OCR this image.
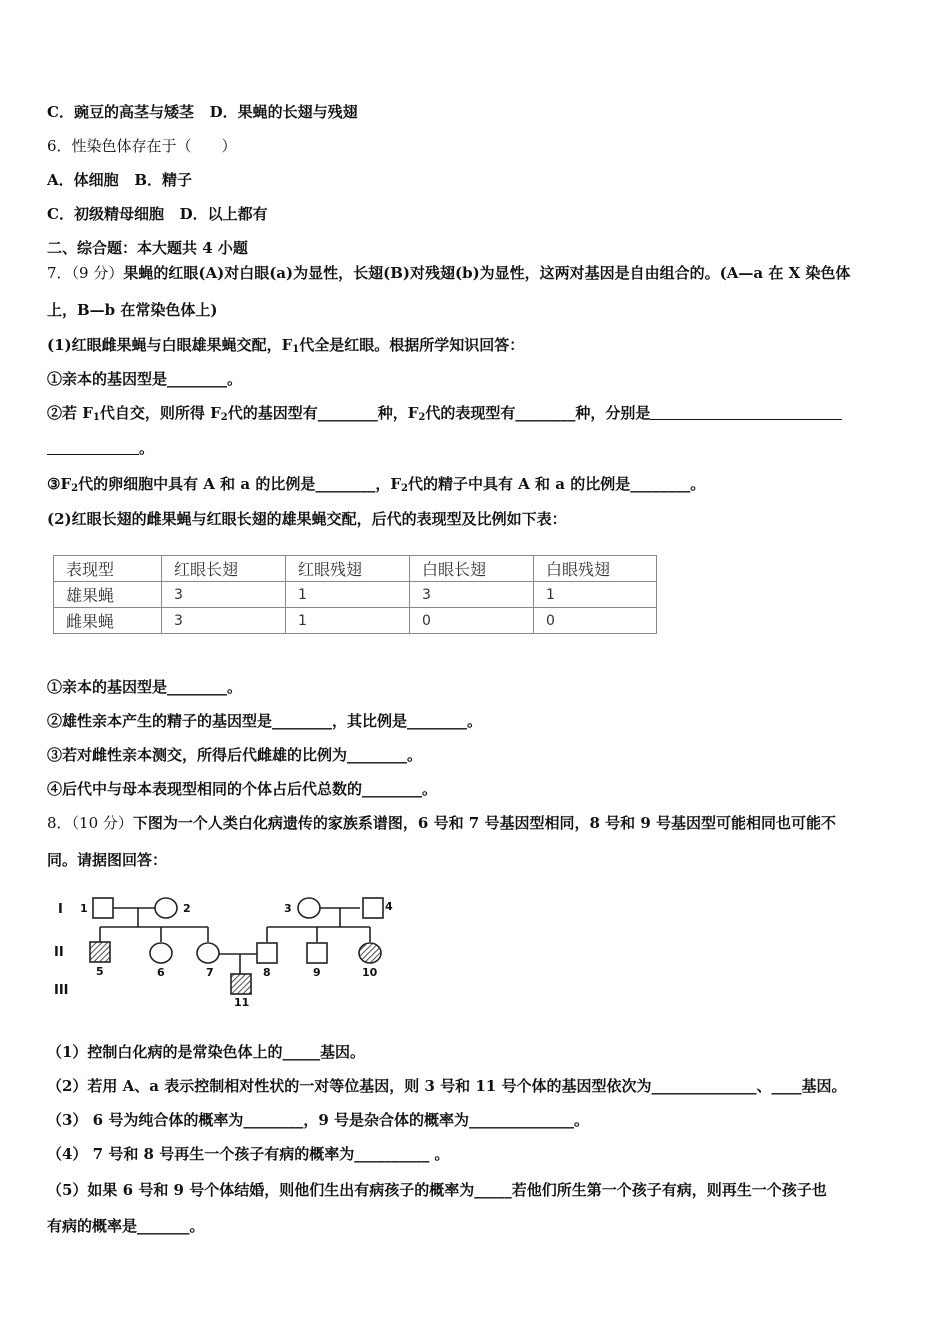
C．豌豆的高茎与矮茎 D．果蝇的长翅与残翅
6．性染色体存在于（　　）
A．体细胞 B．精子
C．初级精母细胞 D．以上都有
二、综合题：本大题共 4 小题
7．（9 分）果蝇的红眼(A)对白眼(a)为显性，长翅(B)对残翅(b)为显性，这两对基因是自由组合的。(A—a 在 X 染色体
上，B—b 在常染色体上)
(1)红眼雌果蝇与白眼雄果蝇交配，$F_1$代全是红眼。根据所学知识回答：
①亲本的基因型是________。
②若 $F_1$代自交，则所得 $F_2$代的基因型有________种，$F_2$代的表现型有________种，分别是
。
$③F_2$代的卵细胞中具有 A 和 a 的比例是________，$F_2$代的精子中具有 A 和 a 的比例是________。
(2)红眼长翅的雌果蝇与红眼长翅的雄果蝇交配，后代的表现型及比例如下表：
表现型	红眼长翅	红眼残翅	白眼长翅	白眼残翅
雄果蝇	3	1	3	1
雌果蝇	3	1	0	0
①亲本的基因型是________。
②雄性亲本产生的精子的基因型是________，其比例是________。
③若对雌性亲本测交，所得后代雌雄的比例为________。
④后代中与母本表现型相同的个体占后代总数的________。
8．（10 分）下图为一个人类白化病遗传的家族系谱图，6 号和 7 号基因型相同，8 号和 9 号基因型可能相同也可能不
同。请据图回答：
I
II
III
1	2	3	4
5	6	7	8	9	10
11
（1）控制白化病的是常染色体上的_____基因。
（2）若用 A、a 表示控制相对性状的一对等位基因，则 3 号和 11 号个体的基因型依次为______________、____基因。
（3） 6 号为纯合体的概率为________，9 号是杂合体的概率为______________。
（4） 7 号和 8 号再生一个孩子有病的概率为__________ 。
（5）如果 6 号和 9 号个体结婚，则他们生出有病孩子的概率为_____若他们所生第一个孩子有病，则再生一个孩子也
有病的概率是_______。
